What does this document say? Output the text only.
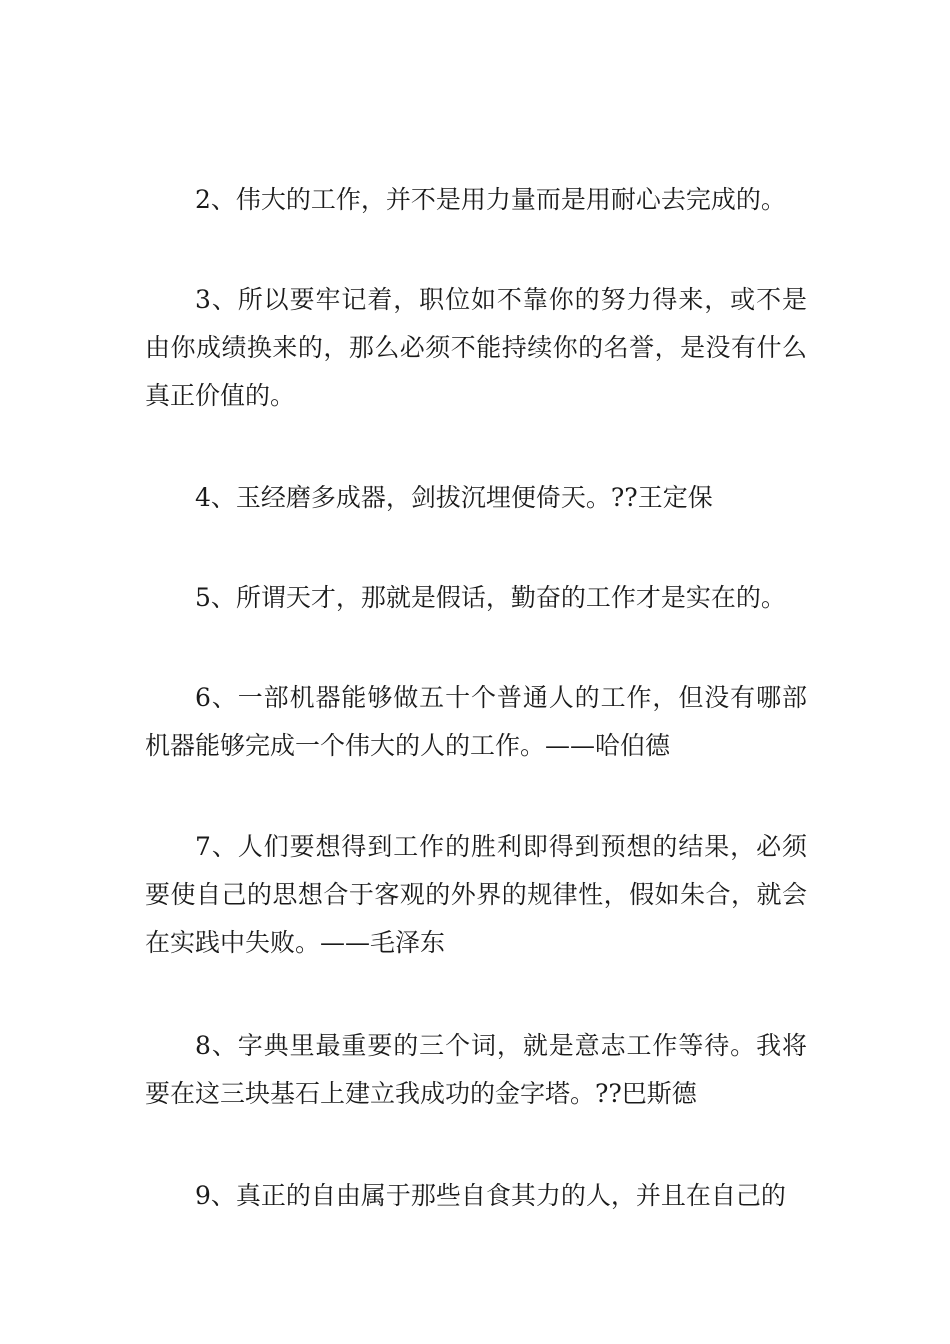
2、伟大的工作，并不是用力量而是用耐心去完成的。

3、所以要牢记着，职位如不靠你的努力得来，或不是由你成绩换来的，那么必须不能持续你的名誉，是没有什么真正价值的。

4、玉经磨多成器，剑拔沉埋便倚天。??王定保

5、所谓天才，那就是假话，勤奋的工作才是实在的。

6、一部机器能够做五十个普通人的工作，但没有哪部机器能够完成一个伟大的人的工作。——哈伯德

7、人们要想得到工作的胜利即得到预想的结果，必须要使自己的思想合于客观的外界的规律性，假如朱合，就会在实践中失败。——毛泽东

8、字典里最重要的三个词，就是意志工作等待。我将要在这三块基石上建立我成功的金字塔。??巴斯德

9、真正的自由属于那些自食其力的人，并且在自己的
